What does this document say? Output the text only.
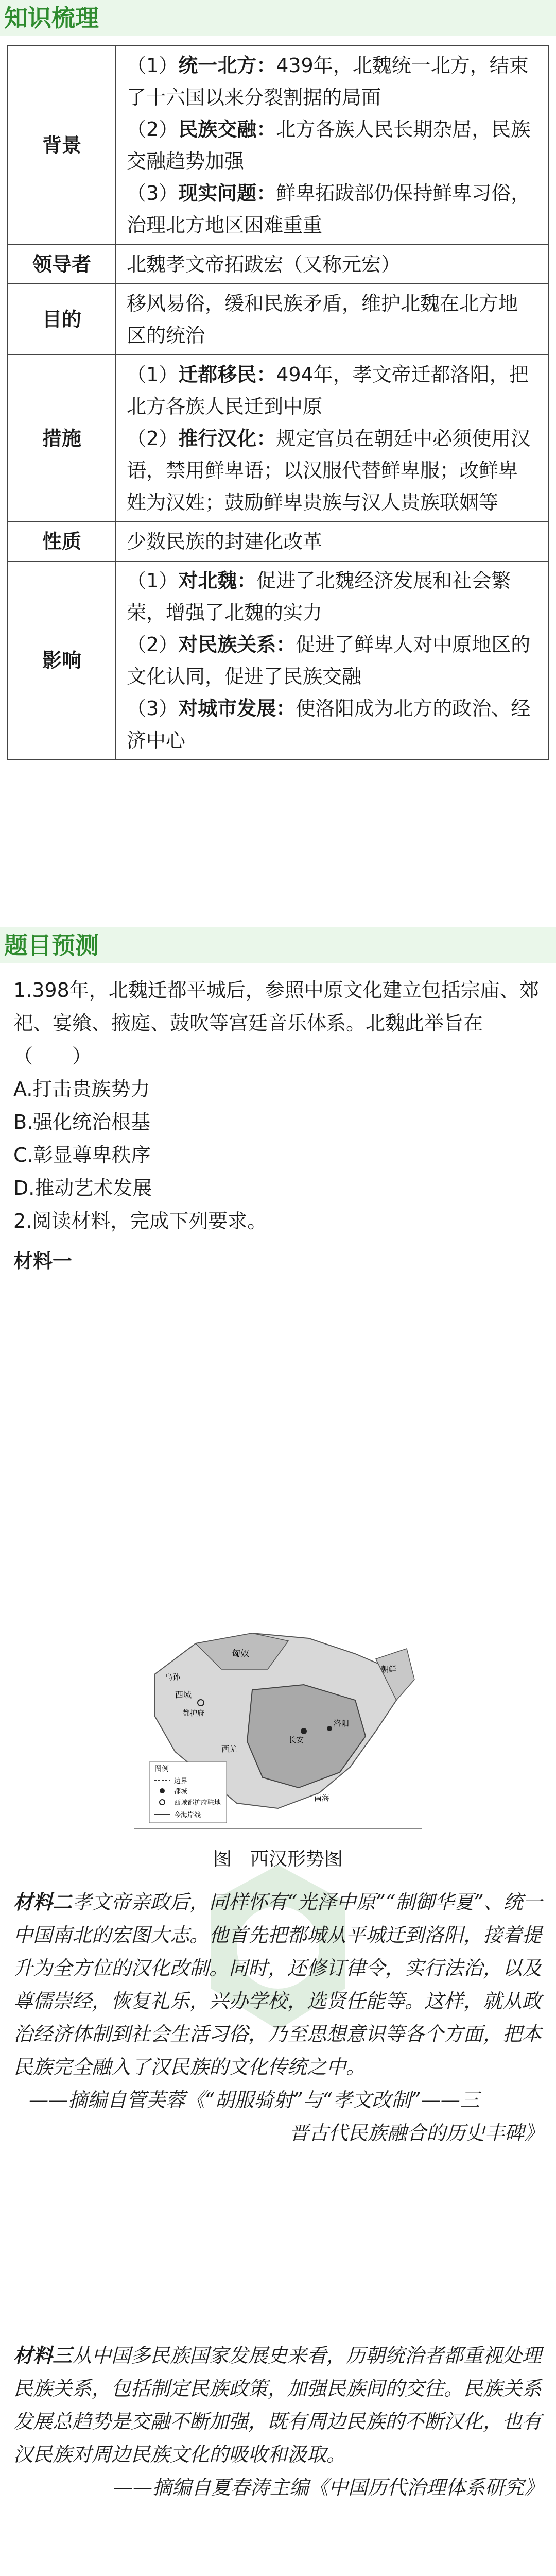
知识梳理
背景	（1）统一北方：439年，北魏统一北方，结束了十六国以来分裂割据的局面
（2）民族交融：北方各族人民长期杂居，民族交融趋势加强
（3）现实问题：鲜卑拓跋部仍保持鲜卑习俗，治理北方地区困难重重

领导者	北魏孝文帝拓跋宏（又称元宏）
目的	移风易俗，缓和民族矛盾，维护北魏在北方地区的统治
措施	（1）迁都移民：494年，孝文帝迁都洛阳，把北方各族人民迁到中原
（2）推行汉化：规定官员在朝廷中必须使用汉语，禁用鲜卑语；以汉服代替鲜卑服；改鲜卑姓为汉姓；鼓励鲜卑贵族与汉人贵族联姻等

性质	少数民族的封建化改革
影响	（1）对北魏：促进了北魏经济发展和社会繁荣，增强了北魏的实力
（2）对民族关系：促进了鲜卑人对中原地区的文化认同，促进了民族交融
（3）对城市发展：使洛阳成为北方的政治、经济中心
题目预测

1.398年，北魏迁都平城后，参照中原文化建立包括宗庙、郊祀、宴飨、掖庭、鼓吹等宫廷音乐体系。北魏此举旨在（　　）

A.打击贵族势力

B.强化统治根基

C.彰显尊卑秩序

D.推动艺术发展

2.阅读材料，完成下列要求。

材料一

匈奴
西域
都护府
长安
洛阳
乌孙
西羌
南海
朝鲜
图例
边界
都城
西域都护府驻地
今海岸线
图　西汉形势图

材料二孝文帝亲政后，同样怀有“光泽中原”“制御华夏”、统一中国南北的宏图大志。他首先把都城从平城迁到洛阳，接着提升为全方位的汉化改制。同时，还修订律令，实行法治，以及尊儒崇经，恢复礼乐，兴办学校，选贤任能等。这样，就从政治经济体制到社会生活习俗，乃至思想意识等各个方面，把本民族完全融入了汉民族的文化传统之中。

——摘编自管芙蓉《“胡服骑射”与“孝文改制”——三

晋古代民族融合的历史丰碑》

材料三从中国多民族国家发展史来看，历朝统治者都重视处理民族关系，包括制定民族政策，加强民族间的交往。民族关系发展总趋势是交融不断加强，既有周边民族的不断汉化，也有汉民族对周边民族文化的吸收和汲取。

——摘编自夏春涛主编《中国历代治理体系研究》
